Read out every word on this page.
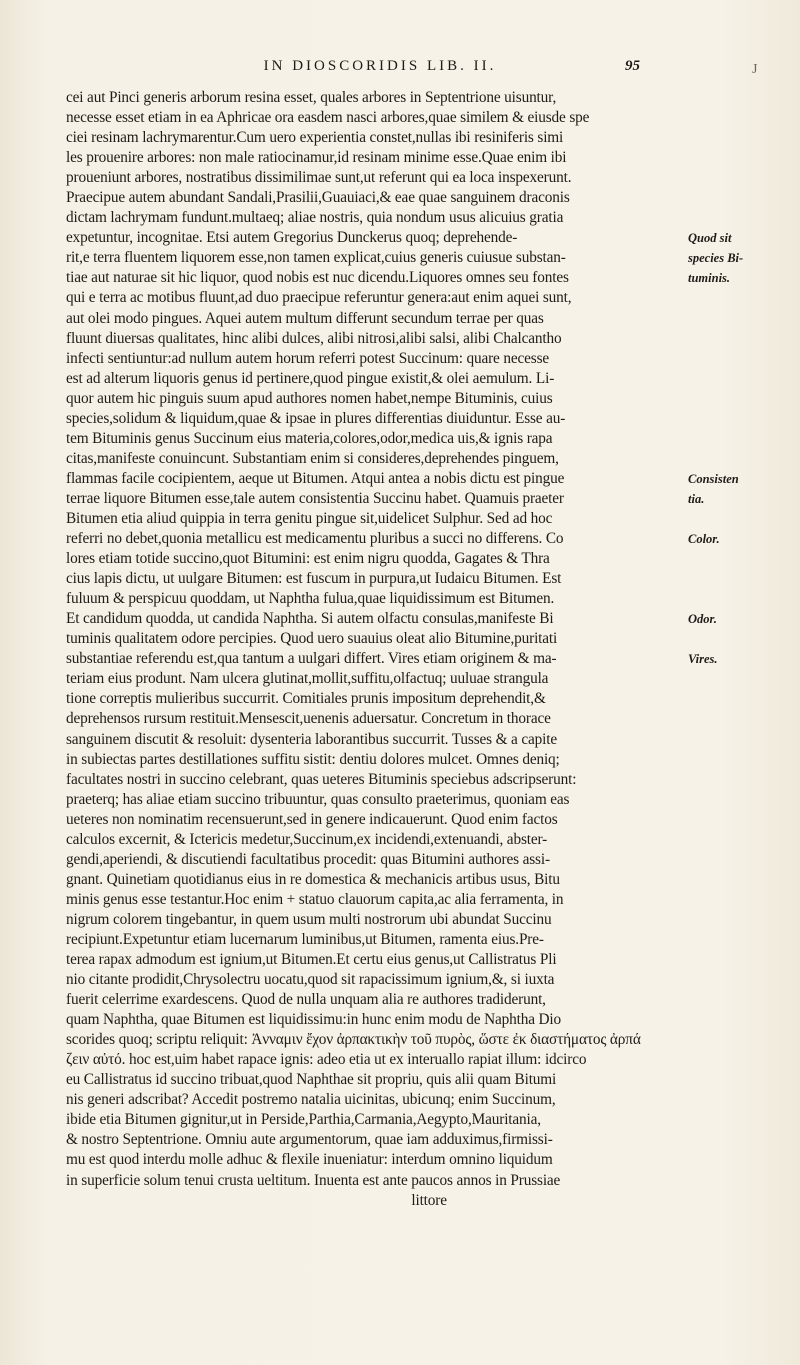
IN DIOSCORIDIS LIB. II.	95	J
cei aut Pinci generis arborum resina esset, quales arbores in Septentrione uisuntur,
necesse esset etiam in ea Aphricae ora easdem nasci arbores,quae similem & eiusde spe
ciei resinam lachrymarentur.Cum uero experientia constet,nullas ibi resiniferis simi
les prouenire arbores: non male ratiocinamur,id resinam minime esse.Quae enim ibi
proueniunt arbores, nostratibus dissimilimae sunt,ut referunt qui ea loca inspexerunt.
Praecipue autem abundant Sandali,Prasilii,Guauiaci,& eae quae sanguinem draconis
dictam lachrymam fundunt.multaeq; aliae nostris, quia nondum usus alicuius gratia
expetuntur, incognitae. Etsi autem Gregorius Dunckerus quoq; deprehende-
rit,e terra fluentem liquorem esse,non tamen explicat,cuius generis cuiusue substan-
tiae aut naturae sit hic liquor, quod nobis est nuc dicendu.Liquores omnes seu fontes
qui e terra ac motibus fluunt,ad duo praecipue referuntur genera:aut enim aquei sunt,
aut olei modo pingues. Aquei autem multum differunt secundum terrae per quas
fluunt diuersas qualitates, hinc alibi dulces, alibi nitrosi,alibi salsi, alibi Chalcantho
infecti sentiuntur:ad nullum autem horum referri potest Succinum: quare necesse
est ad alterum liquoris genus id pertinere,quod pingue existit,& olei aemulum. Li-
quor autem hic pinguis suum apud authores nomen habet,nempe Bituminis, cuius
species,solidum & liquidum,quae & ipsae in plures differentias diuiduntur. Esse au-
tem Bituminis genus Succinum eius materia,colores,odor,medica uis,& ignis rapa
citas,manifeste conuincunt. Substantiam enim si consideres,deprehendes pinguem,
flammas facile cocipientem, aeque ut Bitumen. Atqui antea a nobis dictu est pingue
terrae liquore Bitumen esse,tale autem consistentia Succinu habet. Quamuis praeter
Bitumen etia aliud quippia in terra genitu pingue sit,uidelicet Sulphur. Sed ad hoc
referri no debet,quonia metallicu est medicamentu pluribus a succi no differens. Co
lores etiam totide succino,quot Bitumini: est enim nigru quodda, Gagates & Thra
cius lapis dictu, ut uulgare Bitumen: est fuscum in purpura,ut Iudaicu Bitumen. Est
fuluum & perspicuu quoddam, ut Naphtha fulua,quae liquidissimum est Bitumen.
Et candidum quodda, ut candida Naphtha. Si autem olfactu consulas,manifeste Bi
tuminis qualitatem odore percipies. Quod uero suauius oleat alio Bitumine,puritati
substantiae referendu est,qua tantum a uulgari differt. Vires etiam originem & ma-
teriam eius produnt. Nam ulcera glutinat,mollit,suffitu,olfactuq; uuluae strangula
tione correptis mulieribus succurrit. Comitiales prunis impositum deprehendit,&
deprehensos rursum restituit.Mensescit,uenenis aduersatur. Concretum in thorace
sanguinem discutit & resoluit: dysenteria laborantibus succurrit. Tusses & a capite
in subiectas partes destillationes suffitu sistit: dentiu dolores mulcet. Omnes deniq;
facultates nostri in succino celebrant, quas ueteres Bituminis speciebus adscripserunt:
praeterq; has aliae etiam succino tribuuntur, quas consulto praeterimus, quoniam eas
ueteres non nominatim recensuerunt,sed in genere indicauerunt. Quod enim factos
calculos excernit, & Ictericis medetur,Succinum,ex incidendi,extenuandi, abster-
gendi,aperiendi, & discutiendi facultatibus procedit: quas Bitumini authores assi-
gnant. Quinetiam quotidianus eius in re domestica & mechanicis artibus usus, Bitu
minis genus esse testantur.Hoc enim + statuo clauorum capita,ac alia ferramenta, in
nigrum colorem tingebantur, in quem usum multi nostrorum ubi abundat Succinu
recipiunt.Expetuntur etiam lucernarum luminibus,ut Bitumen, ramenta eius.Pre-
terea rapax admodum est ignium,ut Bitumen.Et certu eius genus,ut Callistratus Pli
nio citante prodidit,Chrysolectru uocatu,quod sit rapacissimum ignium,&, si iuxta
fuerit celerrime exardescens. Quod de nulla unquam alia re authores tradiderunt,
quam Naphtha, quae Bitumen est liquidissimu:in hunc enim modu de Naphtha Dio
scorides quoq; scriptu reliquit: Ἀνναμιν ἔχον ἀρπακτικὴν τοῦ πυρὸς, ὥστε ἐκ διαστήματος ἀρπά
ζειν αὐτό. hoc est,uim habet rapace ignis: adeo etia ut ex interuallo rapiat illum: idcirco
eu Callistratus id succino tribuat,quod Naphthae sit propriu, quis alii quam Bitumi
nis generi adscribat? Accedit postremo natalia uicinitas, ubicunq; enim Succinum,
ibide etia Bitumen gignitur,ut in Perside,Parthia,Carmania,Aegypto,Mauritania,
& nostro Septentrione. Omniu aute argumentorum, quae iam adduximus,firmissi-
mu est quod interdu molle adhuc & flexile inueniatur: interdum omnino liquidum
in superficie solum tenui crusta ueltitum. Inuenta est ante paucos annos in Prussiae
littore
Quod sit
species Bi-
tuminis.
Consisten
tia.
Color.
Odor.
Vires.
